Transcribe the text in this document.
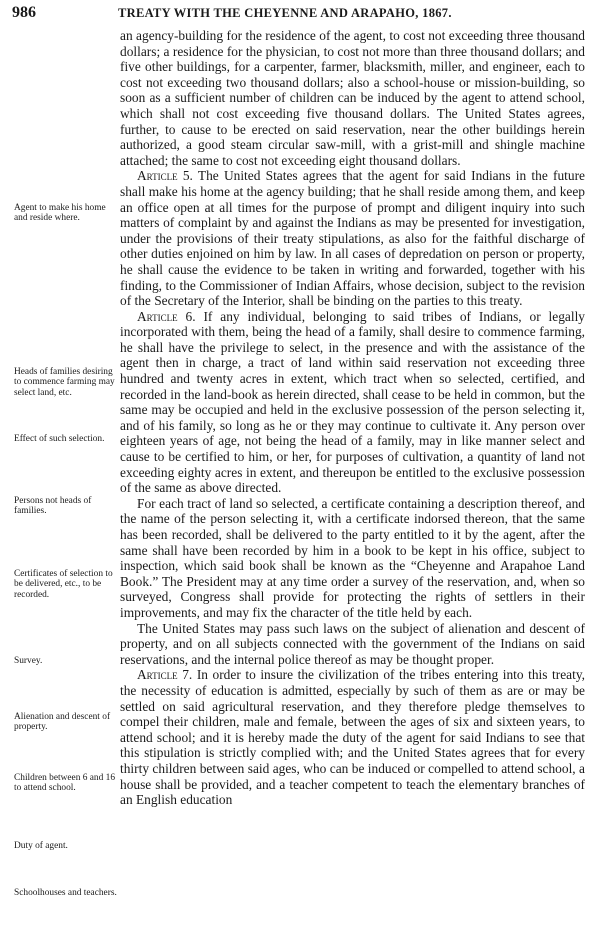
986	TREATY WITH THE CHEYENNE AND ARAPAHO, 1867.
Agent to make his home and reside where.
Heads of families desiring to commence farming may select land, etc.
Effect of such selection.
Persons not heads of families.
Certificates of selection to be delivered, etc., to be recorded.
Survey.
Alienation and descent of property.
Children between 6 and 16 to attend school.
Duty of agent.
Schoolhouses and teachers.

an agency-building for the residence of the agent, to cost not exceeding three thousand dollars; a residence for the physician, to cost not more than three thousand dollars; and five other buildings, for a carpenter, farmer, blacksmith, miller, and engineer, each to cost not exceeding two thousand dollars; also a school-house or mission-building, so soon as a sufficient number of children can be induced by the agent to attend school, which shall not cost exceeding five thousand dollars. The United States agrees, further, to cause to be erected on said reservation, near the other buildings herein authorized, a good steam circular saw-mill, with a grist-mill and shingle machine attached; the same to cost not exceeding eight thousand dollars.

Article 5. The United States agrees that the agent for said Indians in the future shall make his home at the agency building; that he shall reside among them, and keep an office open at all times for the purpose of prompt and diligent inquiry into such matters of complaint by and against the Indians as may be presented for investigation, under the provisions of their treaty stipulations, as also for the faithful discharge of other duties enjoined on him by law. In all cases of depredation on person or property, he shall cause the evidence to be taken in writing and forwarded, together with his finding, to the Commissioner of Indian Affairs, whose decision, subject to the revision of the Secretary of the Interior, shall be binding on the parties to this treaty.

Article 6. If any individual, belonging to said tribes of Indians, or legally incorporated with them, being the head of a family, shall desire to commence farming, he shall have the privilege to select, in the presence and with the assistance of the agent then in charge, a tract of land within said reservation not exceeding three hundred and twenty acres in extent, which tract when so selected, certified, and recorded in the land-book as herein directed, shall cease to be held in common, but the same may be occupied and held in the exclusive possession of the person selecting it, and of his family, so long as he or they may continue to cultivate it. Any person over eighteen years of age, not being the head of a family, may in like manner select and cause to be certified to him, or her, for purposes of cultivation, a quantity of land not exceeding eighty acres in extent, and thereupon be entitled to the exclusive possession of the same as above directed.

For each tract of land so selected, a certificate containing a description thereof, and the name of the person selecting it, with a certificate indorsed thereon, that the same has been recorded, shall be delivered to the party entitled to it by the agent, after the same shall have been recorded by him in a book to be kept in his office, subject to inspection, which said book shall be known as the “Cheyenne and Arapahoe Land Book.” The President may at any time order a survey of the reservation, and, when so surveyed, Congress shall provide for protecting the rights of settlers in their improvements, and may fix the character of the title held by each.

The United States may pass such laws on the subject of alienation and descent of property, and on all subjects connected with the government of the Indians on said reservations, and the internal police thereof as may be thought proper.

Article 7. In order to insure the civilization of the tribes entering into this treaty, the necessity of education is admitted, especially by such of them as are or may be settled on said agricultural reservation, and they therefore pledge themselves to compel their children, male and female, between the ages of six and sixteen years, to attend school; and it is hereby made the duty of the agent for said Indians to see that this stipulation is strictly complied with; and the United States agrees that for every thirty children between said ages, who can be induced or compelled to attend school, a house shall be provided, and a teacher competent to teach the elementary branches of an English education
